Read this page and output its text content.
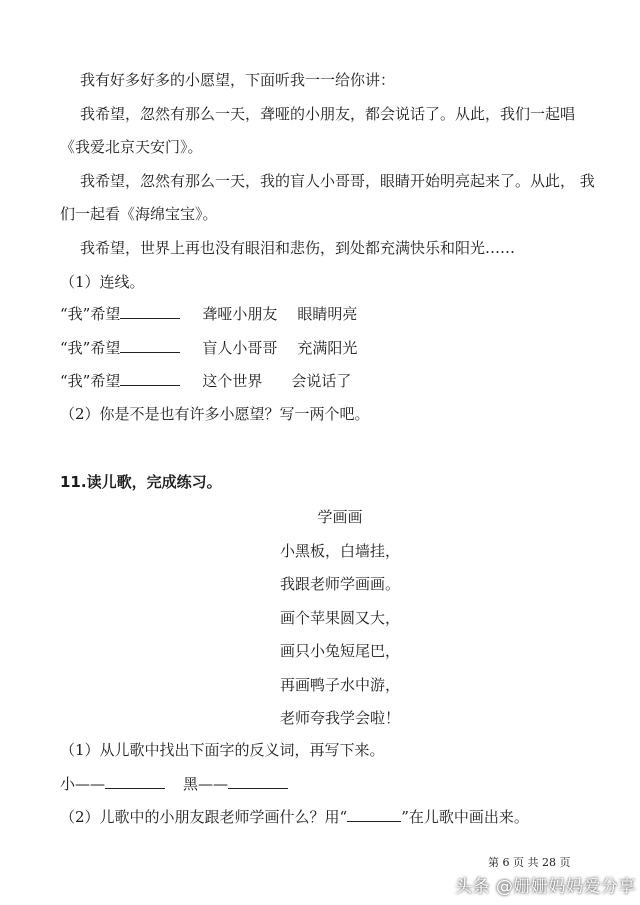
我有好多好多的小愿望，下面听我一一给你讲：
我希望，忽然有那么一天，聋哑的小朋友，都会说话了。从此，我们一起唱
《我爱北京天安门》。
我希望，忽然有那么一天，我的盲人小哥哥，眼睛开始明亮起来了。从此， 我
们一起看《海绵宝宝》。
我希望，世界上再也没有眼泪和悲伤，到处都充满快乐和阳光……
（1）连线。
“我”希望	聋哑小朋友 眼睛明亮
“我”希望	盲人小哥哥 充满阳光
“我”希望	这个世界 会说话了
（2）你是不是也有许多小愿望？写一两个吧。
11.读儿歌，完成练习。
学画画
小黑板，白墙挂，
我跟老师学画画。
画个苹果圆又大，
画只小兔短尾巴，
再画鸭子水中游，
老师夸我学会啦！
（1）从儿歌中找出下面字的反义词，再写下来。
小——	黑——
（2）儿歌中的小朋友跟老师学画什么？用“	”在儿歌中画出来。
第 6 页 共 28 页
头条 @姗姗妈妈爱分享
